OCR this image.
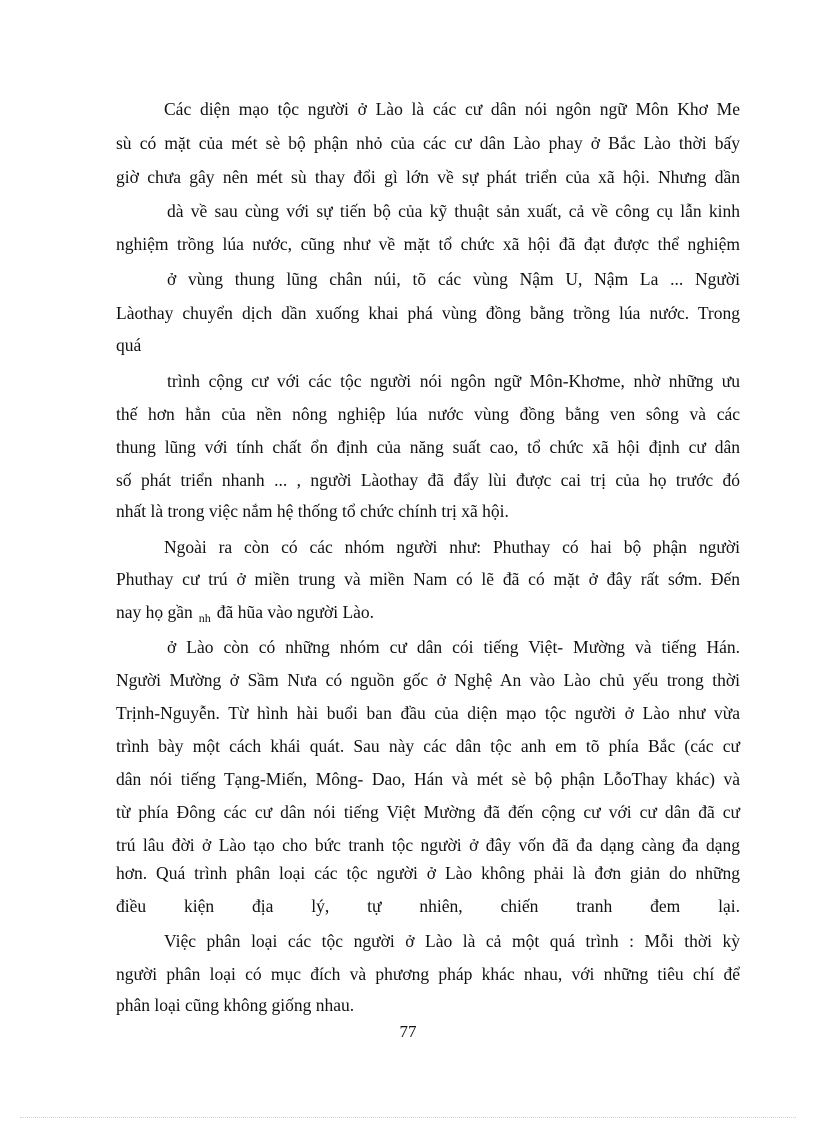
Các diện mạo tộc người ở Lào là các cư dân nói ngôn ngữ Môn Khơ Me

sù có mặt của mét sè bộ phận nhỏ của các cư dân Lào phay ở Bắc Lào thời bấy

giờ chưa gây nên mét sù thay đổi gì lớn về sự phát triển của xã hội. Nhưng dần

dà về sau cùng với sự tiến bộ của kỹ thuật sản xuất, cả về công cụ lẫn kinh

nghiệm trồng lúa nước, cũng như về mặt tổ chức xã hội đã đạt được thể nghiệm

ở vùng thung lũng chân núi, tõ các vùng Nậm U, Nậm La ... Người

Làothay chuyển dịch dần xuống khai phá vùng đồng bằng trồng lúa nước. Trong

quá

trình cộng cư với các tộc người nói ngôn ngữ Môn-Khơme, nhờ những ưu

thế hơn hẳn của nền nông nghiệp lúa nước vùng đồng bằng ven sông và các

thung lũng với tính chất ổn định của năng suất cao, tổ chức xã hội định cư dân

số phát triển nhanh ... , người Làothay đã đẩy lùi được cai trị của họ trước đó

nhất là trong việc nắm hệ thống tổ chức chính trị xã hội.

Ngoài ra còn có các nhóm người như: Phuthay có hai bộ phận người

Phuthay cư trú ở miền trung và miền Nam có lẽ đã có mặt ở đây rất sớm. Đến

nay họ gần $_{nh}$ đã hũa vào người Lào.

ở Lào còn có những nhóm cư dân cói tiếng Việt- Mường và tiếng Hán.

Người Mường ở Sầm Nưa có nguồn gốc ở Nghệ An vào Lào chủ yếu trong thời

Trịnh-Nguyễn. Từ hình hài buổi ban đầu của diện mạo tộc người ở Lào như vừa

trình bày một cách khái quát. Sau này các dân tộc anh em tõ phía Bắc (các cư

dân nói tiếng Tạng-Miến, Mông- Dao, Hán và mét sè bộ phận LỗoThay khác) và

từ phía Đông các cư dân nói tiếng Việt Mường đã đến cộng cư với cư dân đã cư

trú lâu đời ở Lào tạo cho bức tranh tộc người ở đây vốn đã đa dạng càng đa dạng

hơn. Quá trình phân loại các tộc người ở Lào không phải là đơn giản do những

điều kiện địa lý, tự nhiên, chiến tranh đem lại.

Việc phân loại các tộc người ở Lào là cả một quá trình : Mỗi thời kỳ

người phân loại có mục đích và phương pháp khác nhau, với những tiêu chí để

phân loại cũng không giống nhau.

77
